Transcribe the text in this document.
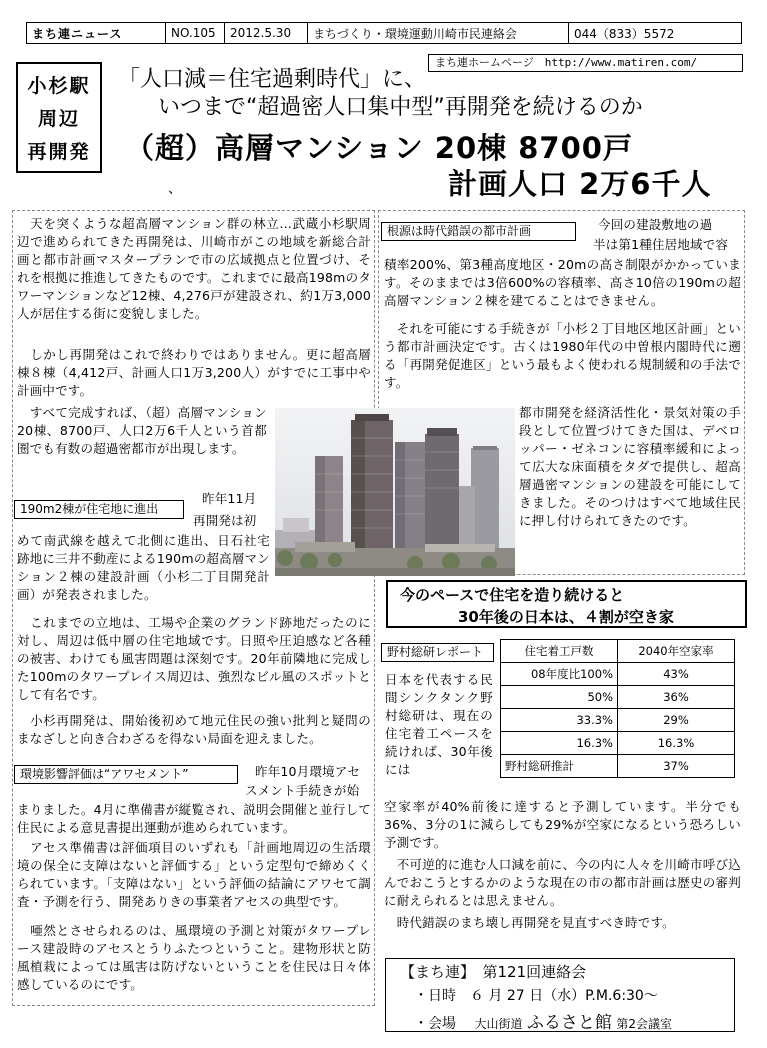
まち連ニュース	NO.105	2012.5.30	まちづくり・環境運動川崎市民連絡会	044（833）5572
まち連ホームページ　http://www.matiren.com/
小杉駅
周辺
再開発
「人口減＝住宅過剰時代」に、
いつまで“超過密人口集中型”再開発を続けるのか
（超）高層マンション 20棟 8700戸
計画人口 2万6千人
、

　天を突くような超高層マンション群の林立…武蔵小杉駅周辺で進められてきた再開発は、川崎市がこの地域を新総合計画と都市計画マスタープランで市の広域拠点と位置づけ、それを根拠に推進してきたものです。これまでに最高198mのタワーマンションなど12棟、4,276戸が建設され、約1万3,000人が居住する街に変貌しました。

　しかし再開発はこれで終わりではありません。更に超高層棟８棟（4,412戸、計画人口1万3,200人）がすでに工事中や計画中です。

　すべて完成すれば、（超）高層マンション20棟、8700戸、人口2万6千人という首都圏でも有数の超過密都市が出現します。

190m2棟が住宅地に進出

昨年11月

再開発は初

めて南武線を越えて北側に進出、日石社宅跡地に三井不動産による190mの超高層マンション２棟の建設計画（小杉二丁目開発計画）が発表されました。

　これまでの立地は、工場や企業のグランド跡地だったのに対し、周辺は低中層の住宅地域です。日照や圧迫感など各種の被害、わけても風害問題は深刻です。20年前隣地に完成した100mのタワープレイス周辺は、強烈なビル風のスポットとして有名です。

　小杉再開発は、開始後初めて地元住民の強い批判と疑問のまなざしと向き合わざるを得ない局面を迎えました。

環境影響評価は“アワセメント”	昨年10月環境アセ

スメント手続きが始

まりました。4月に準備書が縦覧され、説明会開催と並行して住民による意見書提出運動が進められています。

　アセス準備書は評価項目のいずれも「計画地周辺の生活環境の保全に支障はないと評価する」という定型句で締めくくられています。「支障はない」という評価の結論にアワセて調査・予測を行う、開発ありきの事業者アセスの典型です。

　唖然とさせられるのは、風環境の予測と対策がタワープレース建設時のアセスとうりふたつということ。建物形状と防風植栽によっては風害は防げないということを住民は日々体感しているのにです。

根源は時代錯誤の都市計画	今回の建設敷地の過

半は第1種住居地域で容

積率200%、第3種高度地区・20mの高さ制限がかかっています。そのままでは3倍600%の容積率、高さ10倍の190mの超高層マンション２棟を建てることはできません。

　それを可能にする手続きが「小杉２丁目地区地区計画」という都市計画決定です。古くは1980年代の中曽根内閣時代に遡る「再開発促進区」という最もよく使われる規制緩和の手法です。

都市開発を経済活性化・景気対策の手段として位置づけてきた国は、デベロッパー・ゼネコンに容積率緩和によって広大な床面積をタダで提供し、超高層過密マンションの建設を可能にしてきました。そのつけはすべて地域住民に押し付けられてきたのです。

今のペースで住宅を造り続けると
30年後の日本は、４割が空き家
野村総研レポート

日本を代表する民間シンクタンク野村総研は、現在の住宅着工ペースを続ければ、30年後には

住宅着工戸数	2040年空家率
08年度比100%	43%
50%	36%
33.3%	29%
16.3%	16.3%
野村総研推計	37%

空家率が40%前後に達すると予測しています。半分でも36%、3分の1に減らしても29%が空家になるという恐ろしい予測です。

　不可逆的に進む人口減を前に、今の内に人々を川崎市呼び込んでおこうとするかのような現在の市の都市計画は歴史の審判に耐えられるとは思えません。

　時代錯誤のまち壊し再開発を見直すべき時です。

【まち連】　第121回連絡会
・日時　６ 月 27 日（水）P.M.6:30～
・会場 大山街道 ふるさと館 第2会議室
